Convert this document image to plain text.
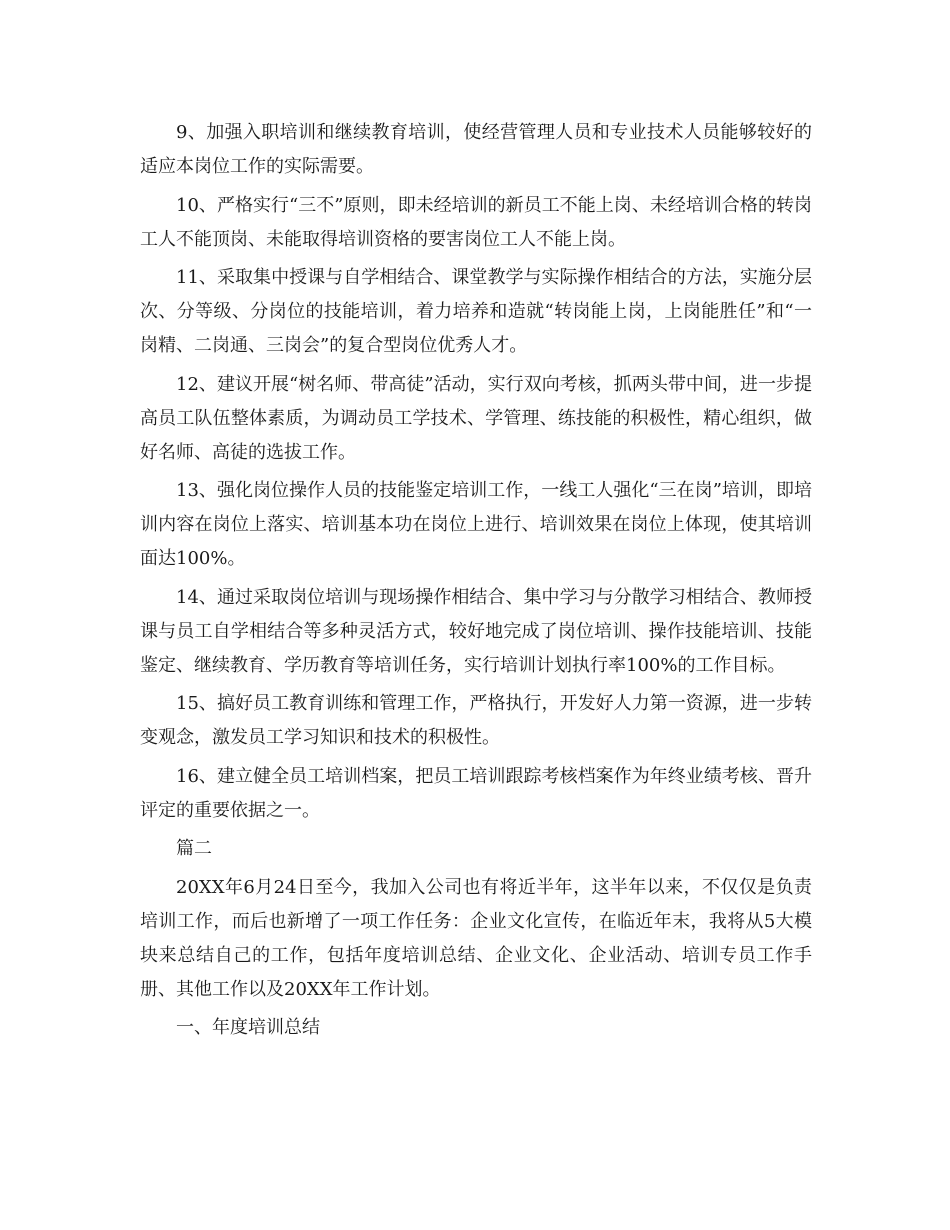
9、加强入职培训和继续教育培训，使经营管理人员和专业技术人员能够较好的适应本岗位工作的实际需要。

10、严格实行“三不”原则，即未经培训的新员工不能上岗、未经培训合格的转岗工人不能顶岗、未能取得培训资格的要害岗位工人不能上岗。

11、采取集中授课与自学相结合、课堂教学与实际操作相结合的方法，实施分层次、分等级、分岗位的技能培训，着力培养和造就“转岗能上岗，上岗能胜任”和“一岗精、二岗通、三岗会”的复合型岗位优秀人才。

12、建议开展“树名师、带高徒”活动，实行双向考核，抓两头带中间，进一步提高员工队伍整体素质，为调动员工学技术、学管理、练技能的积极性，精心组织，做好名师、高徒的选拔工作。

13、强化岗位操作人员的技能鉴定培训工作，一线工人强化“三在岗”培训，即培训内容在岗位上落实、培训基本功在岗位上进行、培训效果在岗位上体现，使其培训面达100%。

14、通过采取岗位培训与现场操作相结合、集中学习与分散学习相结合、教师授课与员工自学相结合等多种灵活方式，较好地完成了岗位培训、操作技能培训、技能鉴定、继续教育、学历教育等培训任务，实行培训计划执行率100%的工作目标。

15、搞好员工教育训练和管理工作，严格执行，开发好人力第一资源，进一步转变观念，激发员工学习知识和技术的积极性。

16、建立健全员工培训档案，把员工培训跟踪考核档案作为年终业绩考核、晋升评定的重要依据之一。

篇二

20XX年6月24日至今，我加入公司也有将近半年，这半年以来，不仅仅是负责培训工作，而后也新增了一项工作任务：企业文化宣传，在临近年末，我将从5大模块来总结自己的工作，包括年度培训总结、企业文化、企业活动、培训专员工作手册、其他工作以及20XX年工作计划。

一、年度培训总结
